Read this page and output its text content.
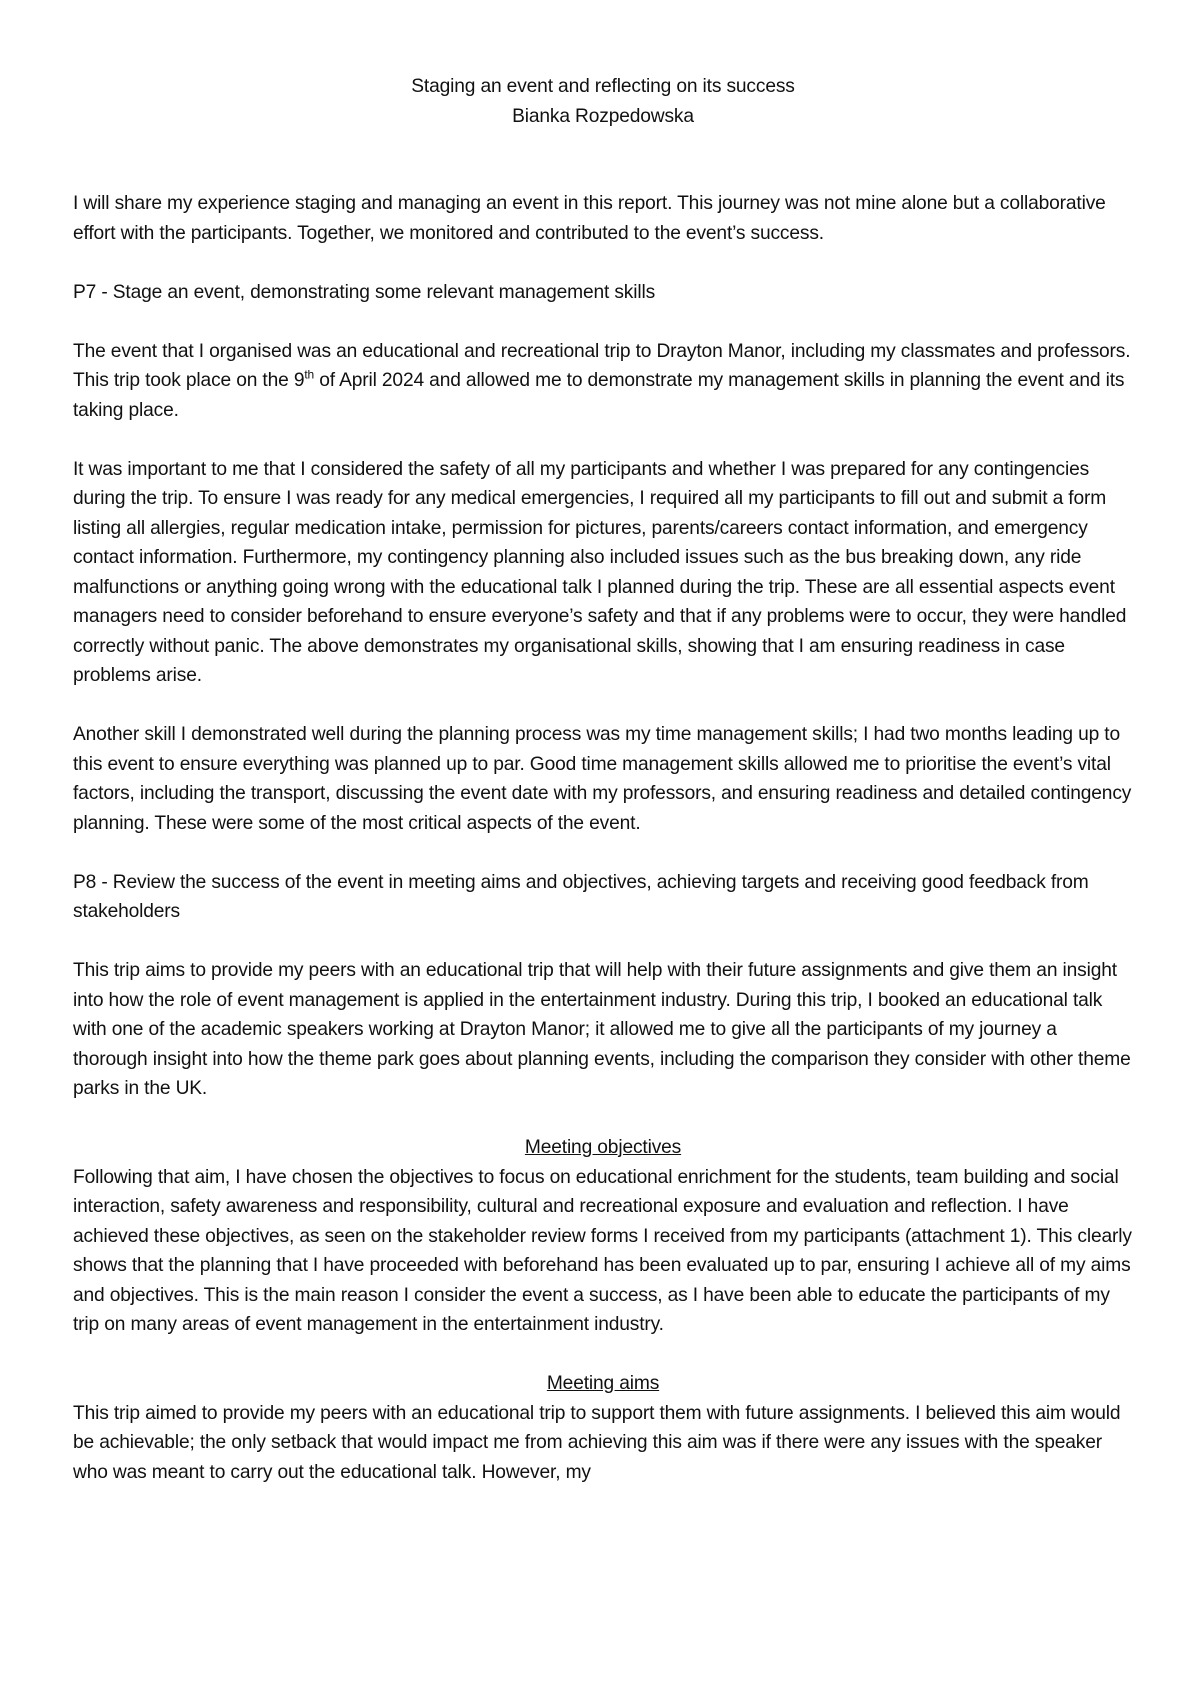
Staging an event and reflecting on its success
Bianka Rozpedowska

I will share my experience staging and managing an event in this report. This journey was not mine alone but a collaborative effort with the participants. Together, we monitored and contributed to the event’s success.

P7 - Stage an event, demonstrating some relevant management skills

The event that I organised was an educational and recreational trip to Drayton Manor, including my classmates and professors. This trip took place on the 9th of April 2024 and allowed me to demonstrate my management skills in planning the event and its taking place.

It was important to me that I considered the safety of all my participants and whether I was prepared for any contingencies during the trip. To ensure I was ready for any medical emergencies, I required all my participants to fill out and submit a form listing all allergies, regular medication intake, permission for pictures, parents/careers contact information, and emergency contact information. Furthermore, my contingency planning also included issues such as the bus breaking down, any ride malfunctions or anything going wrong with the educational talk I planned during the trip. These are all essential aspects event managers need to consider beforehand to ensure everyone’s safety and that if any problems were to occur, they were handled correctly without panic. The above demonstrates my organisational skills, showing that I am ensuring readiness in case problems arise.

Another skill I demonstrated well during the planning process was my time management skills; I had two months leading up to this event to ensure everything was planned up to par. Good time management skills allowed me to prioritise the event’s vital factors, including the transport, discussing the event date with my professors, and ensuring readiness and detailed contingency planning. These were some of the most critical aspects of the event.

P8 - Review the success of the event in meeting aims and objectives, achieving targets and receiving good feedback from stakeholders

This trip aims to provide my peers with an educational trip that will help with their future assignments and give them an insight into how the role of event management is applied in the entertainment industry. During this trip, I booked an educational talk with one of the academic speakers working at Drayton Manor; it allowed me to give all the participants of my journey a thorough insight into how the theme park goes about planning events, including the comparison they consider with other theme parks in the UK.

Meeting objectives

Following that aim, I have chosen the objectives to focus on educational enrichment for the students, team building and social interaction, safety awareness and responsibility, cultural and recreational exposure and evaluation and reflection. I have achieved these objectives, as seen on the stakeholder review forms I received from my participants (attachment 1). This clearly shows that the planning that I have proceeded with beforehand has been evaluated up to par, ensuring I achieve all of my aims and objectives. This is the main reason I consider the event a success, as I have been able to educate the participants of my trip on many areas of event management in the entertainment industry.

Meeting aims

This trip aimed to provide my peers with an educational trip to support them with future assignments. I believed this aim would be achievable; the only setback that would impact me from achieving this aim was if there were any issues with the speaker who was meant to carry out the educational talk. However, my
